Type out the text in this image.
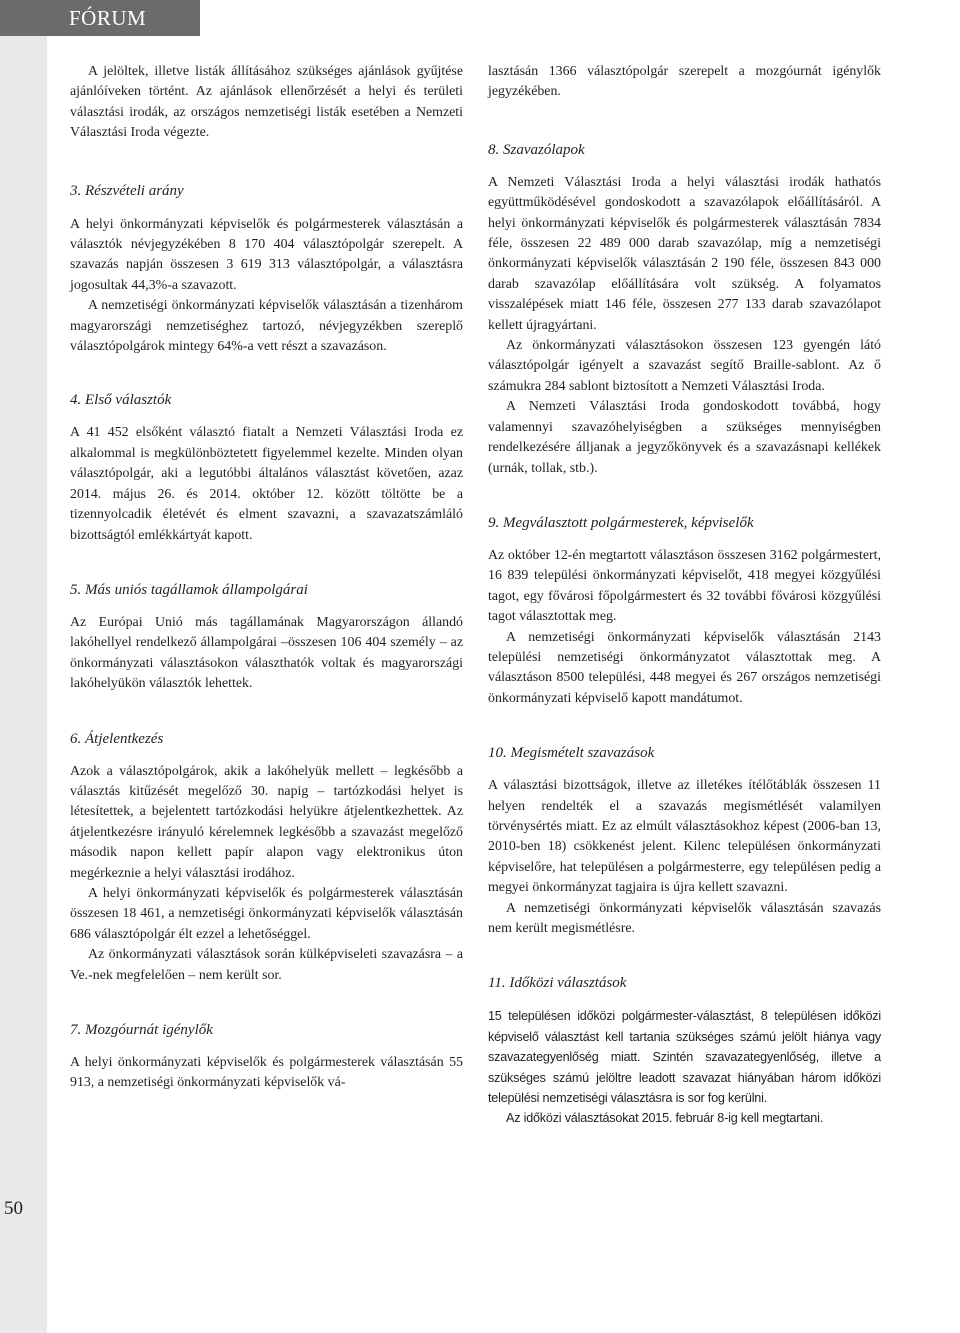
FÓRUM
50

A jelöltek, illetve listák állításához szükséges ajánlások gyűjtése ajánlóíveken történt. Az ajánlások ellenőrzését a helyi és területi választási irodák, az országos nemzetiségi listák esetében a Nemzeti Választási Iroda végezte.

3. Részvételi arány

A helyi önkormányzati képviselők és polgármesterek választásán a választók névjegyzékében 8 170 404 választópolgár szerepelt. A szavazás napján összesen 3 619 313 választópolgár, a választásra jogosultak 44,3%-a szavazott.

A nemzetiségi önkormányzati képviselők választásán a tizenhárom magyarországi nemzetiséghez tartozó, névjegyzékben szereplő választópolgárok mintegy 64%-a vett részt a szavazáson.

4. Első választók

A 41 452 elsőként választó fiatalt a Nemzeti Választási Iroda ez alkalommal is megkülönböztetett figyelemmel kezelte. Minden olyan választópolgár, aki a legutóbbi általános választást követően, azaz 2014. május 26. és 2014. október 12. között töltötte be a tizennyolcadik életévét és elment szavazni, a szavazatszámláló bizottságtól emlékkártyát kapott.

5. Más uniós tagállamok állampolgárai

Az Európai Unió más tagállamának Magyarországon állandó lakóhellyel rendelkező állampolgárai –összesen 106 404 személy – az önkormányzati választásokon választhatók voltak és magyarországi lakóhelyükön választók lehettek.

6. Átjelentkezés

Azok a választópolgárok, akik a lakóhelyük mellett – legkésőbb a választás kitűzését megelőző 30. napig – tartózkodási helyet is létesítettek, a bejelentett tartózkodási helyükre átjelentkezhettek. Az átjelentkezésre irányuló kérelemnek legkésőbb a szavazást megelőző második napon kellett papír alapon vagy elektronikus úton megérkeznie a helyi választási irodához.

A helyi önkormányzati képviselők és polgármesterek választásán összesen 18 461, a nemzetiségi önkormányzati képviselők választásán 686 választópolgár élt ezzel a lehetőséggel.

Az önkormányzati választások során külképviseleti szavazásra – a Ve.-nek megfelelően – nem került sor.

7. Mozgóurnát igénylők

A helyi önkormányzati képviselők és polgármesterek választásán 55 913, a nemzetiségi önkormányzati képviselők vá-

lasztásán 1366 választópolgár szerepelt a mozgóurnát igénylők jegyzékében.

8. Szavazólapok

A Nemzeti Választási Iroda a helyi választási irodák hathatós együttműködésével gondoskodott a szavazólapok előállításáról. A helyi önkormányzati képviselők és polgármesterek választásán 7834 féle, összesen 22 489 000 darab szavazólap, míg a nemzetiségi önkormányzati képviselők választásán 2 190 féle, összesen 843 000 darab szavazólap előállítására volt szükség. A folyamatos visszalépések miatt 146 féle, összesen 277 133 darab szavazólapot kellett újragyártani.

Az önkormányzati választásokon összesen 123 gyengén látó választópolgár igényelt a szavazást segítő Braille-sablont. Az ő számukra 284 sablont biztosított a Nemzeti Választási Iroda.

A Nemzeti Választási Iroda gondoskodott továbbá, hogy valamennyi szavazóhelyiségben a szükséges mennyiségben rendelkezésére álljanak a jegyzőkönyvek és a szavazásnapi kellékek (urnák, tollak, stb.).

9. Megválasztott polgármesterek, képviselők

Az október 12-én megtartott választáson összesen 3162 polgármestert, 16 839 települési önkormányzati képviselőt, 418 megyei közgyűlési tagot, egy fővárosi főpolgármestert és 32 további fővárosi közgyűlési tagot választottak meg.

A nemzetiségi önkormányzati képviselők választásán 2143 települési nemzetiségi önkormányzatot választottak meg. A választáson 8500 települési, 448 megyei és 267 országos nemzetiségi önkormányzati képviselő kapott mandátumot.

10. Megismételt szavazások

A választási bizottságok, illetve az illetékes ítélőtáblák összesen 11 helyen rendelték el a szavazás megismétlését valamilyen törvénysértés miatt. Ez az elmúlt választásokhoz képest (2006-ban 13, 2010-ben 18) csökkenést jelent. Kilenc településen önkormányzati képviselőre, hat településen a polgármesterre, egy településen pedig a megyei önkormányzat tagjaira is újra kellett szavazni.

A nemzetiségi önkormányzati képviselők választásán szavazás nem került megismétlésre.

11. Időközi választások

15 településen időközi polgármester-választást, 8 településen időközi képviselő választást kell tartania szükséges számú jelölt hiánya vagy szavazategyenlőség miatt. Szintén szavazategyenlőség, illetve a szükséges számú jelöltre leadott szavazat hiányában három időközi települési nemzetiségi választásra is sor fog kerülni.

Az időközi választásokat 2015. február 8-ig kell megtartani.
